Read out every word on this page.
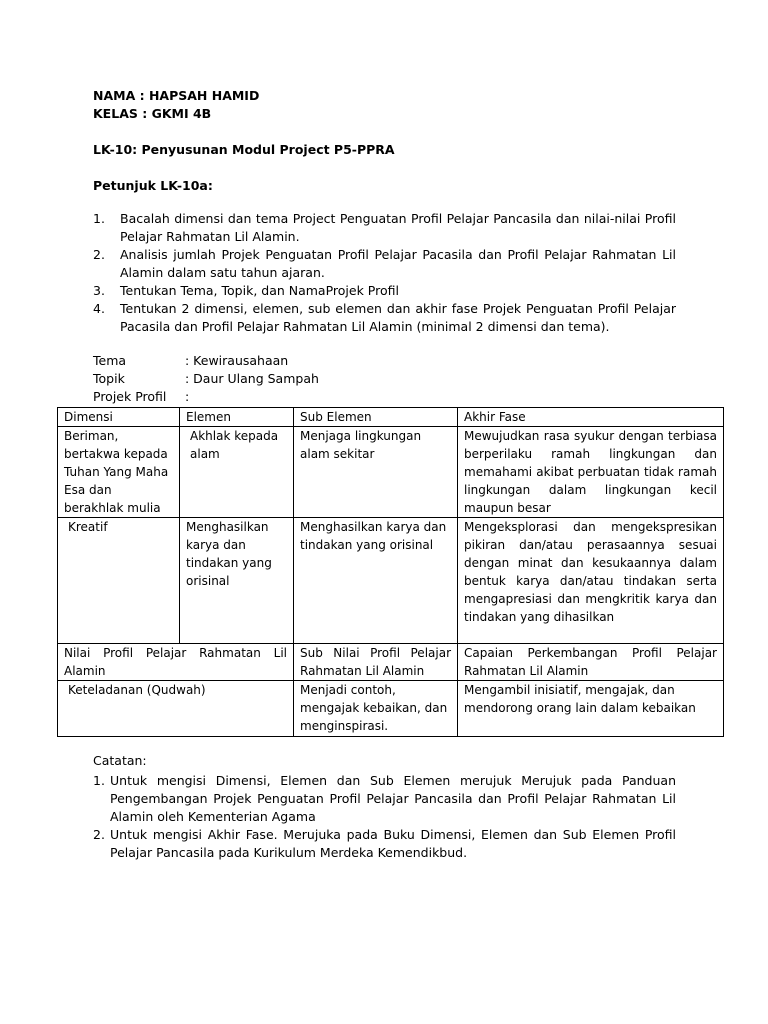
NAMA : HAPSAH HAMID
KELAS : GKMI 4B
LK-10: Penyusunan Modul Project P5-PPRA
Petunjuk LK-10a:
1. Bacalah dimensi dan tema Project Penguatan Profil Pelajar Pancasila dan nilai-nilai Profil Pelajar Rahmatan Lil Alamin.
2. Analisis jumlah Projek Penguatan Profil Pelajar Pacasila dan Profil Pelajar Rahmatan Lil Alamin dalam satu tahun ajaran.
3. Tentukan Tema, Topik, dan NamaProjek Profil
4. Tentukan 2 dimensi, elemen, sub elemen dan akhir fase Projek Penguatan Profil Pelajar Pacasila dan Profil Pelajar Rahmatan Lil Alamin (minimal 2 dimensi dan tema).
Tema	: Kewirausahaan
Topik	: Daur Ulang Sampah
Projek Profil	:
Dimensi	Elemen	Sub Elemen	Akhir Fase
Beriman, bertakwa kepada Tuhan Yang Maha Esa dan berakhlak mulia	Akhlak kepada alam	Menjaga lingkungan alam sekitar	Mewujudkan rasa syukur dengan terbiasa berperilaku ramah lingkungan dan memahami akibat perbuatan tidak ramah lingkungan dalam lingkungan kecil maupun besar
Kreatif	Menghasilkan karya dan tindakan yang orisinal	Menghasilkan karya dan tindakan yang orisinal	Mengeksplorasi dan mengekspresikan pikiran dan/atau perasaannya sesuai dengan minat dan kesukaannya dalam bentuk karya dan/atau tindakan serta mengapresiasi dan mengkritik karya dan tindakan yang dihasilkan
Nilai Profil Pelajar Rahmatan Lil Alamin		Sub Nilai Profil Pelajar Rahmatan Lil Alamin	Capaian Perkembangan Profil Pelajar Rahmatan Lil Alamin
Keteladanan (Qudwah)		Menjadi contoh, mengajak kebaikan, dan menginspirasi.	Mengambil inisiatif, mengajak, dan mendorong orang lain dalam kebaikan
Catatan:
1. Untuk mengisi Dimensi, Elemen dan Sub Elemen merujuk Merujuk pada Panduan Pengembangan Projek Penguatan Profil Pelajar Pancasila dan Profil Pelajar Rahmatan Lil Alamin oleh Kementerian Agama
2. Untuk mengisi Akhir Fase. Merujuka pada Buku Dimensi, Elemen dan Sub Elemen Profil Pelajar Pancasila pada Kurikulum Merdeka Kemendikbud.
